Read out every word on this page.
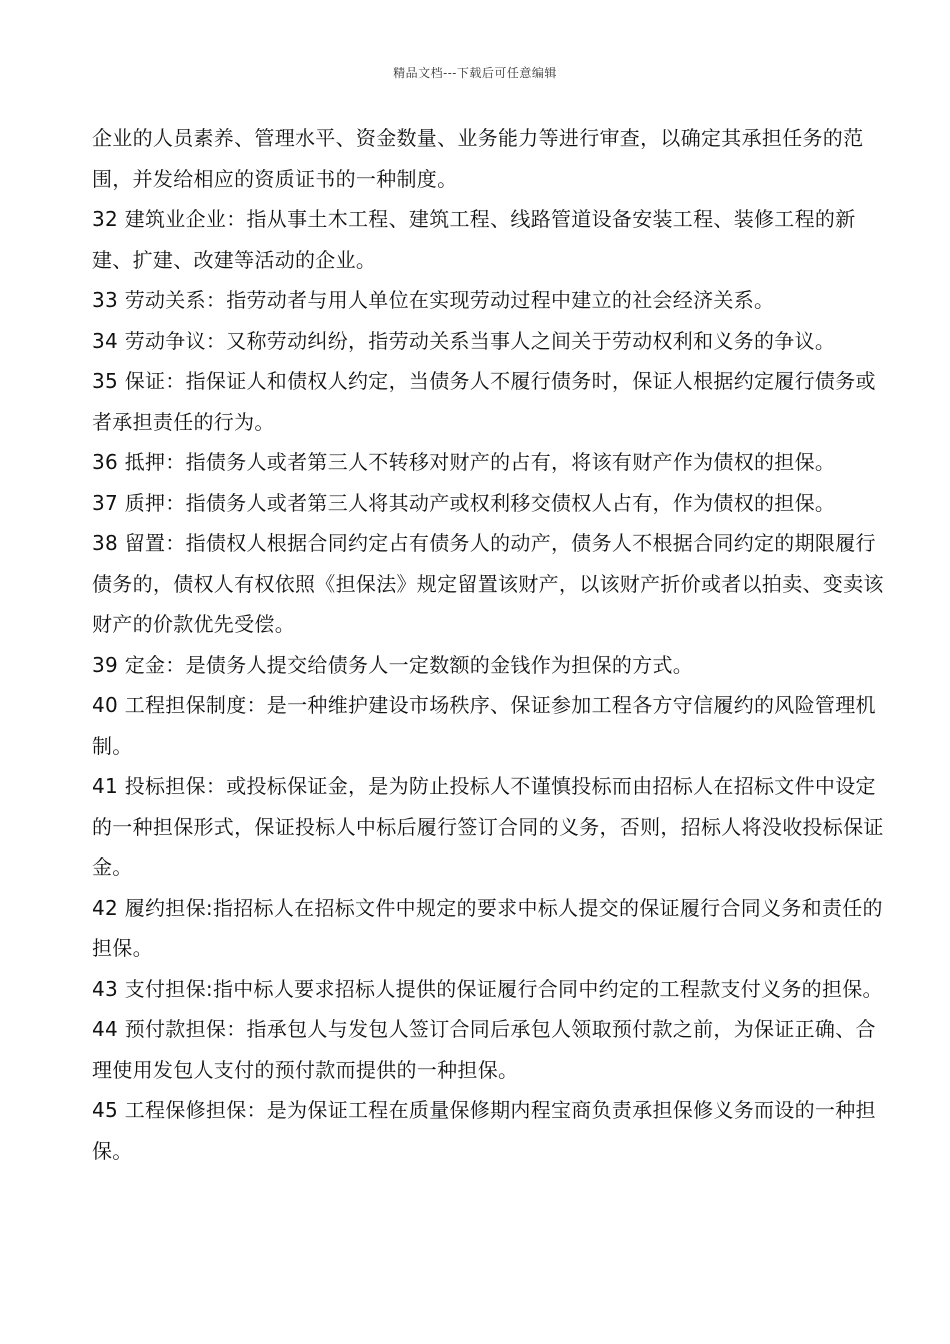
精品文档---下载后可任意编辑

企业的人员素养、管理水平、资金数量、业务能力等进行审查，以确定其承担任务的范围，并发给相应的资质证书的一种制度。

32 建筑业企业：指从事土木工程、建筑工程、线路管道设备安装工程、装修工程的新建、扩建、改建等活动的企业。

33 劳动关系：指劳动者与用人单位在实现劳动过程中建立的社会经济关系。

34 劳动争议：又称劳动纠纷，指劳动关系当事人之间关于劳动权利和义务的争议。

35 保证：指保证人和债权人约定，当债务人不履行债务时，保证人根据约定履行债务或者承担责任的行为。

36 抵押：指债务人或者第三人不转移对财产的占有，将该有财产作为债权的担保。

37 质押：指债务人或者第三人将其动产或权利移交债权人占有，作为债权的担保。

38 留置：指债权人根据合同约定占有债务人的动产，债务人不根据合同约定的期限履行债务的，债权人有权依照《担保法》规定留置该财产，以该财产折价或者以拍卖、变卖该财产的价款优先受偿。

39 定金：是债务人提交给债务人一定数额的金钱作为担保的方式。

40 工程担保制度：是一种维护建设市场秩序、保证参加工程各方守信履约的风险管理机制。

41 投标担保：或投标保证金，是为防止投标人不谨慎投标而由招标人在招标文件中设定的一种担保形式，保证投标人中标后履行签订合同的义务，否则，招标人将没收投标保证金。

42 履约担保:指招标人在招标文件中规定的要求中标人提交的保证履行合同义务和责任的担保。

43 支付担保:指中标人要求招标人提供的保证履行合同中约定的工程款支付义务的担保。

44 预付款担保：指承包人与发包人签订合同后承包人领取预付款之前，为保证正确、合理使用发包人支付的预付款而提供的一种担保。

45 工程保修担保：是为保证工程在质量保修期内程宝商负责承担保修义务而设的一种担保。
